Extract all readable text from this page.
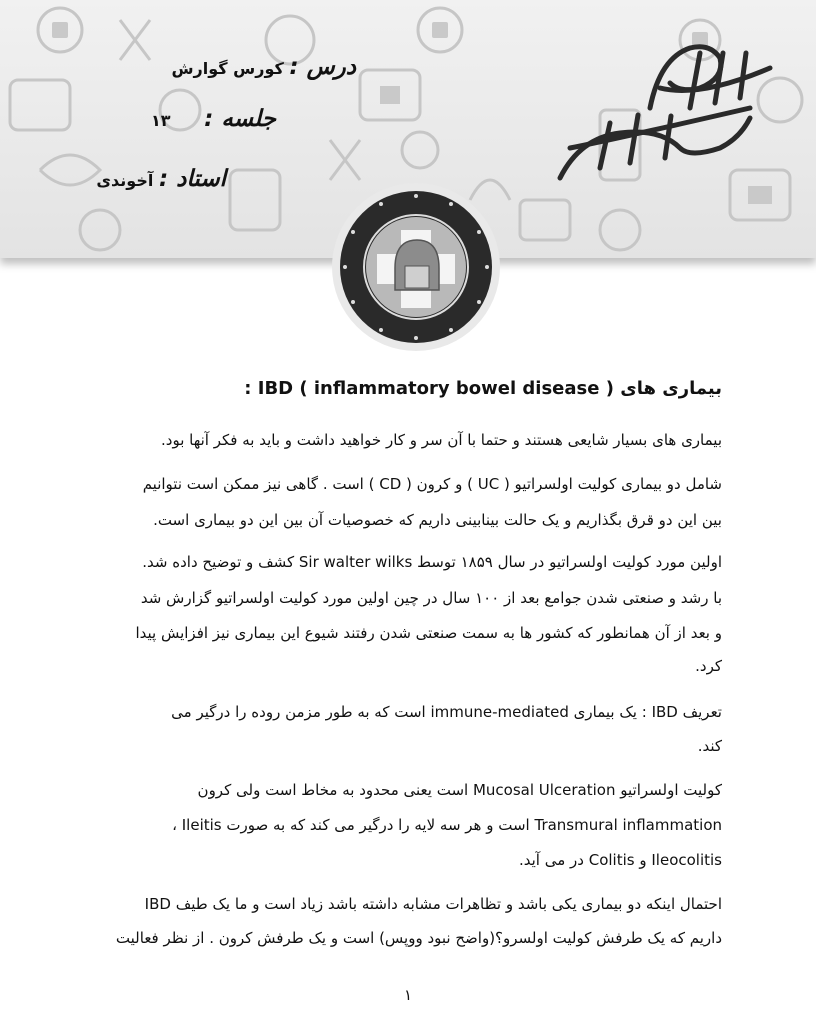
درس : کورس گوارش
جلسه : ۱۳
استاد : آخوندی
بیماری های IBD ( inflammatory bowel disease ) :

بیماری های بسیار شایعی هستند و حتما با آن سر و کار خواهید داشت و باید به فکر آنها بود.

شامل دو بیماری کولیت اولسراتیو ( UC ) و کرون ( CD ) است . گاهی نیز ممکن است نتوانیم

بین این دو قرق بگذاریم و یک حالت بینابینی داریم که خصوصیات آن بین این دو بیماری است.

اولین مورد کولیت اولسراتیو در سال ۱۸۵۹ توسط Sir walter wilks کشف و توضیح داده شد.

با رشد و صنعتی شدن جوامع بعد از ۱۰۰ سال در چین اولین مورد کولیت اولسراتیو گزارش شد

و بعد از آن همانطور که کشور ها به سمت صنعتی شدن رفتند شیوع این بیماری نیز افزایش پیدا

کرد.

تعریف IBD : یک بیماری immune-mediated است که به طور مزمن روده را درگیر می

کند.

کولیت اولسراتیو Mucosal Ulceration است یعنی محدود به مخاط است ولی کرون

Transmural inflammation است و هر سه لایه را درگیر می کند که به صورت Ileitis ،

Ileocolitis و Colitis در می آید.

احتمال اینکه دو بیماری یکی باشد و تظاهرات مشابه داشته باشد زیاد است و ما یک طیف IBD

داریم که یک طرفش کولیت اولسرو؟(واضح نبود ووپس) است و یک طرفش کرون . از نظر فعالیت

۱
